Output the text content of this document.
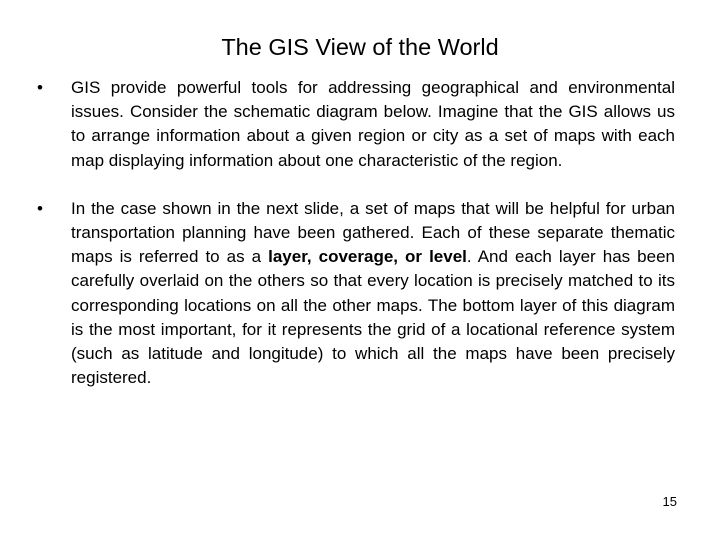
The GIS View of the World
•	GIS provide powerful tools for addressing geographical and environmental issues. Consider the schematic diagram below. Imagine that the GIS allows us to arrange information about a given region or city as a set of maps with each map displaying information about one characteristic of the region.
•	In the case shown in the next slide, a set of maps that will be helpful for urban transportation planning have been gathered. Each of these separate thematic maps is referred to as a layer, coverage, or level. And each layer has been carefully overlaid on the others so that every location is precisely matched to its corresponding locations on all the other maps. The bottom layer of this diagram is the most important, for it represents the grid of a locational reference system (such as latitude and longitude) to which all the maps have been precisely registered.
15
